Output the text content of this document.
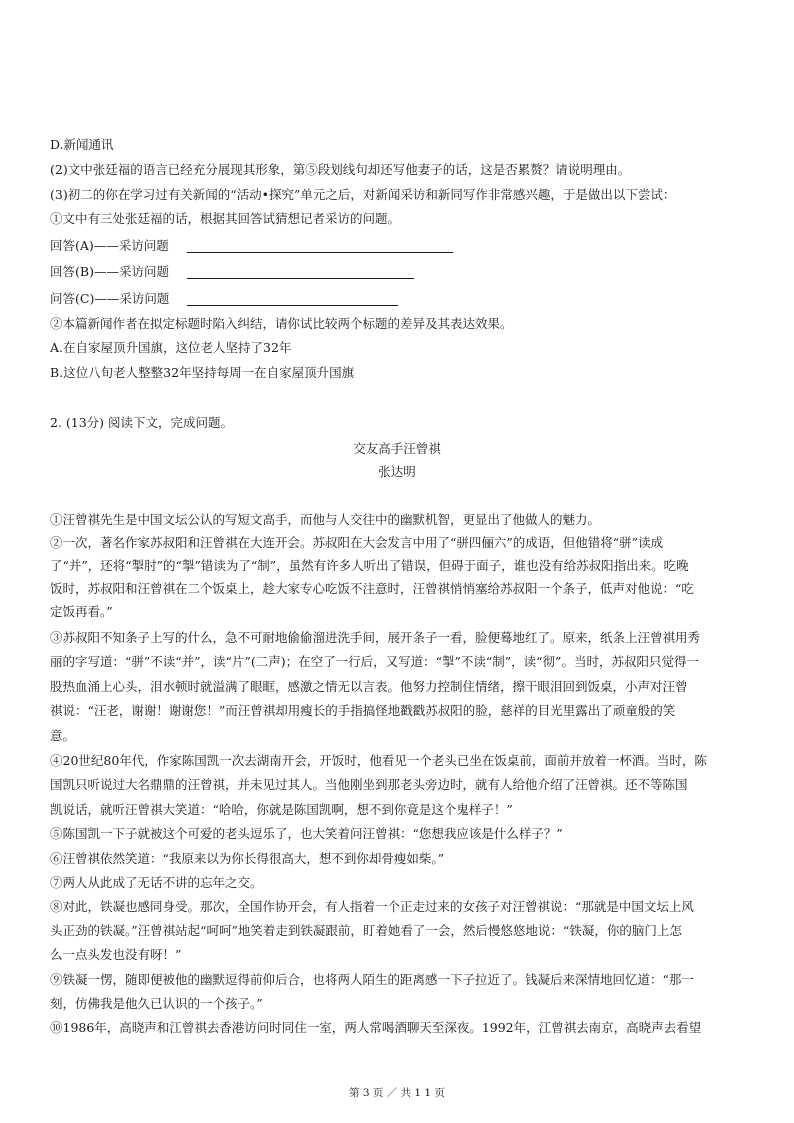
D.新闻通讯
(2)文中张廷福的语言已经充分展现其形象，第⑤段划线句却还写他妻子的话，这是否累赘？请说明理由。
(3)初二的你在学习过有关新闻的“活动•探究”单元之后，对新闻采访和新同写作非常感兴趣，于是做出以下尝试：
①文中有三处张廷福的话，根据其回答试猜想记者采访的问题。
回答(A)——采访问题
回答(B)——采访问题
问答(C)——采访问题
②本篇新闻作者在拟定标题时陷入纠结，请你试比较两个标题的差异及其表达效果。
A.在自家屋顶升国旗，这位老人坚持了32年
B.这位八旬老人整整32年坚持每周一在自家屋顶升国旗
2. (13分) 阅读下文，完成问题。
交友高手汪曾祺
张达明
①汪曾祺先生是中国文坛公认的写短文高手，而他与人交往中的幽默机智，更显出了他做人的魅力。
②一次，著名作家苏叔阳和汪曾祺在大连开会。苏叔阳在大会发言中用了“骈四俪六”的成语，但他错将“骈”读成
了“并”，还将“掣肘”的“掣”错读为了“制”，虽然有许多人听出了错误，但碍于面子，谁也没有给苏叔阳指出来。吃晚
饭时，苏叔阳和汪曾祺在二个饭桌上，趁大家专心吃饭不注意时，汪曾祺悄悄塞给苏叔阳一个条子，低声对他说：“吃
定饭再看。”
③苏叔阳不知条子上写的什么，急不可耐地偷偷溜进洗手间，展开条子一看，脸便蓦地红了。原来，纸条上汪曾祺用秀
丽的字写道：“骈”不读“并”，读“片”(二声)；在空了一行后，又写道：“掣”不读“制”，读“彻”。当时，苏叔阳只觉得一
股热血涌上心头，泪水顿时就溢满了眼眶，感激之情无以言表。他努力控制住情绪，擦干眼泪回到饭桌，小声对汪曾
祺说：“汪老，谢谢！谢谢您！”而汪曾祺却用瘦长的手指搞怪地戳戳苏叔阳的脸，慈祥的目光里露出了顽童般的笑
意。
④20世纪80年代，作家陈国凯一次去湖南开会，开饭时，他看见一个老头已坐在饭桌前，面前并放着一杯酒。当时，陈
国凯只听说过大名鼎鼎的汪曾祺，并未见过其人。当他刚坐到那老头旁边时，就有人给他介绍了汪曾祺。还不等陈国
凯说话，就听汪曾祺大笑道：“哈哈，你就是陈国凯啊，想不到你竟是这个鬼样子！”
⑤陈国凯一下子就被这个可爱的老头逗乐了，也大笑着问汪曾祺：“您想我应该是什么样子？”
⑥汪曾祺依然笑道：“我原来以为你长得很高大，想不到你却骨瘦如柴。”
⑦两人从此成了无话不讲的忘年之交。
⑧对此，铁凝也感同身受。那次，全国作协开会，有人指着一个正走过来的女孩子对汪曾祺说：“那就是中国文坛上风
头正劲的铁凝。”汪曾祺站起“呵呵”地笑着走到铁凝跟前，盯着她看了一会，然后慢悠悠地说：“铁凝，你的脑门上怎
么一点头发也没有呀！”
⑨铁凝一愣，随即便被他的幽默逗得前仰后合，也将两人陌生的距离感一下子拉近了。钱凝后来深情地回忆道：“那一
刻，仿佛我是他久已认识的一个孩子。”
⑩1986年，高晓声和江曾祺去香港访问时同住一室，两人常喝酒聊天至深夜。1992年，江曾祺去南京，高晓声去看望
第 3 页 ／ 共 1 1 页
